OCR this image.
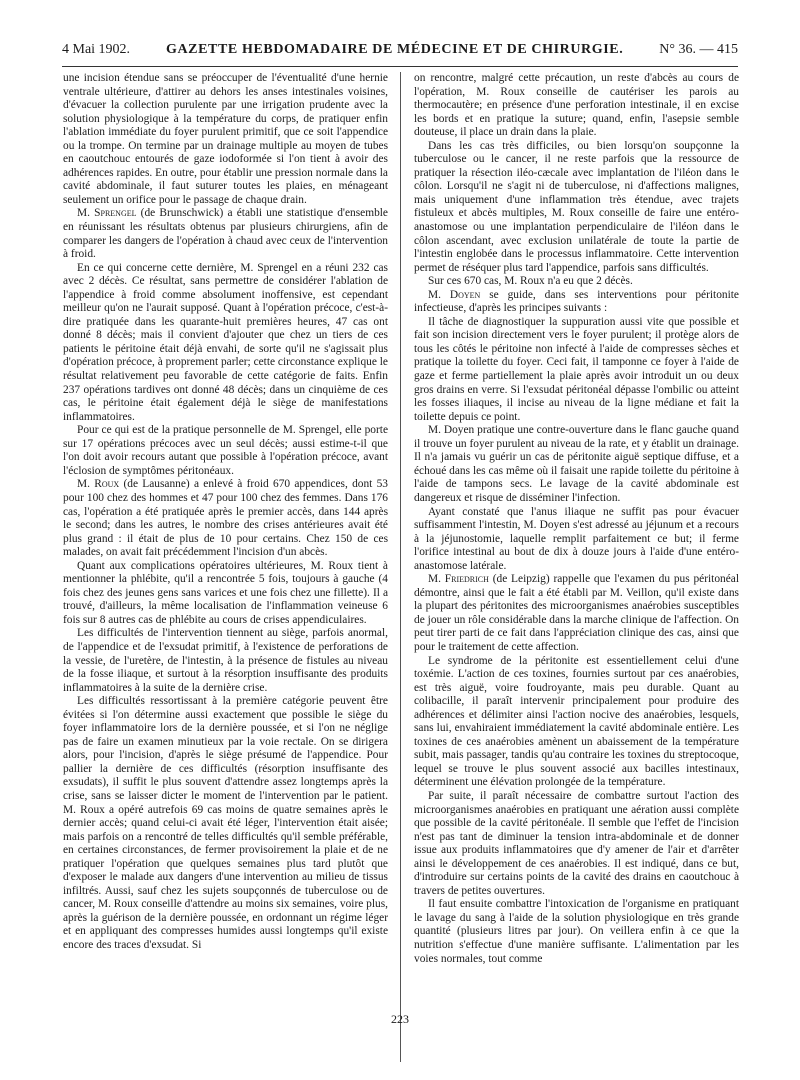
4 Mai 1902.	GAZETTE HEBDOMADAIRE DE MÉDECINE ET DE CHIRURGIE.	N° 36. — 415

une incision étendue sans se préoccuper de l'éventualité d'une hernie ventrale ultérieure, d'attirer au dehors les anses intestinales voisines, d'évacuer la collection purulente par une irrigation prudente avec la solution physiologique à la température du corps, de pratiquer enfin l'ablation immédiate du foyer purulent primitif, que ce soit l'appendice ou la trompe. On termine par un drainage multiple au moyen de tubes en caoutchouc entourés de gaze iodoformée si l'on tient à avoir des adhérences rapides. En outre, pour établir une pression normale dans la cavité abdominale, il faut suturer toutes les plaies, en ménageant seulement un orifice pour le passage de chaque drain.

M. Sprengel (de Brunschwick) a établi une statistique d'ensemble en réunissant les résultats obtenus par plusieurs chirurgiens, afin de comparer les dangers de l'opération à chaud avec ceux de l'intervention à froid.

En ce qui concerne cette dernière, M. Sprengel en a réuni 232 cas avec 2 décès. Ce résultat, sans permettre de considérer l'ablation de l'appendice à froid comme absolument inoffensive, est cependant meilleur qu'on ne l'aurait supposé. Quant à l'opération précoce, c'est-à-dire pratiquée dans les quarante-huit premières heures, 47 cas ont donné 8 décès; mais il convient d'ajouter que chez un tiers de ces patients le péritoine était déjà envahi, de sorte qu'il ne s'agissait plus d'opération précoce, à proprement parler; cette circonstance explique le résultat relativement peu favorable de cette catégorie de faits. Enfin 237 opérations tardives ont donné 48 décès; dans un cinquième de ces cas, le péritoine était également déjà le siège de manifestations inflammatoires.

Pour ce qui est de la pratique personnelle de M. Sprengel, elle porte sur 17 opérations précoces avec un seul décès; aussi estime-t-il que l'on doit avoir recours autant que possible à l'opération précoce, avant l'éclosion de symptômes péritonéaux.

M. Roux (de Lausanne) a enlevé à froid 670 appendices, dont 53 pour 100 chez des hommes et 47 pour 100 chez des femmes. Dans 176 cas, l'opération a été pratiquée après le premier accès, dans 144 après le second; dans les autres, le nombre des crises antérieures avait été plus grand : il était de plus de 10 pour certains. Chez 150 de ces malades, on avait fait précédemment l'incision d'un abcès.

Quant aux complications opératoires ultérieures, M. Roux tient à mentionner la phlébite, qu'il a rencontrée 5 fois, toujours à gauche (4 fois chez des jeunes gens sans varices et une fois chez une fillette). Il a trouvé, d'ailleurs, la même localisation de l'inflammation veineuse 6 fois sur 8 autres cas de phlébite au cours de crises appendiculaires.

Les difficultés de l'intervention tiennent au siège, parfois anormal, de l'appendice et de l'exsudat primitif, à l'existence de perforations de la vessie, de l'uretère, de l'intestin, à la présence de fistules au niveau de la fosse iliaque, et surtout à la résorption insuffisante des produits inflammatoires à la suite de la dernière crise.

Les difficultés ressortissant à la première catégorie peuvent être évitées si l'on détermine aussi exactement que possible le siège du foyer inflammatoire lors de la dernière poussée, et si l'on ne néglige pas de faire un examen minutieux par la voie rectale. On se dirigera alors, pour l'incision, d'après le siège présumé de l'appendice. Pour pallier la dernière de ces difficultés (résorption insuffisante des exsudats), il suffit le plus souvent d'attendre assez longtemps après la crise, sans se laisser dicter le moment de l'intervention par le patient. M. Roux a opéré autrefois 69 cas moins de quatre semaines après le dernier accès; quand celui-ci avait été léger, l'intervention était aisée; mais parfois on a rencontré de telles difficultés qu'il semble préférable, en certaines circonstances, de fermer provisoirement la plaie et de ne pratiquer l'opération que quelques semaines plus tard plutôt que d'exposer le malade aux dangers d'une intervention au milieu de tissus infiltrés. Aussi, sauf chez les sujets soupçonnés de tuberculose ou de cancer, M. Roux conseille d'attendre au moins six semaines, voire plus, après la guérison de la dernière poussée, en ordonnant un régime léger et en appliquant des compresses humides aussi longtemps qu'il existe encore des traces d'exsudat. Si

on rencontre, malgré cette précaution, un reste d'abcès au cours de l'opération, M. Roux conseille de cautériser les parois au thermocautère; en présence d'une perforation intestinale, il en excise les bords et en pratique la suture; quand, enfin, l'asepsie semble douteuse, il place un drain dans la plaie.

Dans les cas très difficiles, ou bien lorsqu'on soupçonne la tuberculose ou le cancer, il ne reste parfois que la ressource de pratiquer la résection iléo-cæcale avec implantation de l'iléon dans le côlon. Lorsqu'il ne s'agit ni de tuberculose, ni d'affections malignes, mais uniquement d'une inflammation très étendue, avec trajets fistuleux et abcès multiples, M. Roux conseille de faire une entéro-anastomose ou une implantation perpendiculaire de l'iléon dans le côlon ascendant, avec exclusion unilatérale de toute la partie de l'intestin englobée dans le processus inflammatoire. Cette intervention permet de réséquer plus tard l'appendice, parfois sans difficultés.

Sur ces 670 cas, M. Roux n'a eu que 2 décès.

M. Doyen se guide, dans ses interventions pour péritonite infectieuse, d'après les principes suivants :

Il tâche de diagnostiquer la suppuration aussi vite que possible et fait son incision directement vers le foyer purulent; il protège alors de tous les côtés le péritoine non infecté à l'aide de compresses sèches et pratique la toilette du foyer. Ceci fait, il tamponne ce foyer à l'aide de gaze et ferme partiellement la plaie après avoir introduit un ou deux gros drains en verre. Si l'exsudat péritonéal dépasse l'ombilic ou atteint les fosses iliaques, il incise au niveau de la ligne médiane et fait la toilette depuis ce point.

M. Doyen pratique une contre-ouverture dans le flanc gauche quand il trouve un foyer purulent au niveau de la rate, et y établit un drainage. Il n'a jamais vu guérir un cas de péritonite aiguë septique diffuse, et a échoué dans les cas même où il faisait une rapide toilette du péritoine à l'aide de tampons secs. Le lavage de la cavité abdominale est dangereux et risque de disséminer l'infection.

Ayant constaté que l'anus iliaque ne suffit pas pour évacuer suffisamment l'intestin, M. Doyen s'est adressé au jéjunum et a recours à la jéjunostomie, laquelle remplit parfaitement ce but; il ferme l'orifice intestinal au bout de dix à douze jours à l'aide d'une entéro-anastomose latérale.

M. Friedrich (de Leipzig) rappelle que l'examen du pus péritonéal démontre, ainsi que le fait a été établi par M. Veillon, qu'il existe dans la plupart des péritonites des microorganismes anaérobies susceptibles de jouer un rôle considérable dans la marche clinique de l'affection. On peut tirer parti de ce fait dans l'appréciation clinique des cas, ainsi que pour le traitement de cette affection.

Le syndrome de la péritonite est essentiellement celui d'une toxémie. L'action de ces toxines, fournies surtout par ces anaérobies, est très aiguë, voire foudroyante, mais peu durable. Quant au colibacille, il paraît intervenir principalement pour produire des adhérences et délimiter ainsi l'action nocive des anaérobies, lesquels, sans lui, envahiraient immédiatement la cavité abdominale entière. Les toxines de ces anaérobies amènent un abaissement de la température subit, mais passager, tandis qu'au contraire les toxines du streptocoque, lequel se trouve le plus souvent associé aux bacilles intestinaux, déterminent une élévation prolongée de la température.

Par suite, il paraît nécessaire de combattre surtout l'action des microorganismes anaérobies en pratiquant une aération aussi complète que possible de la cavité péritonéale. Il semble que l'effet de l'incision n'est pas tant de diminuer la tension intra-abdominale et de donner issue aux produits inflammatoires que d'y amener de l'air et d'arrêter ainsi le développement de ces anaérobies. Il est indiqué, dans ce but, d'introduire sur certains points de la cavité des drains en caoutchouc à travers de petites ouvertures.

Il faut ensuite combattre l'intoxication de l'organisme en pratiquant le lavage du sang à l'aide de la solution physiologique en très grande quantité (plusieurs litres par jour). On veillera enfin à ce que la nutrition s'effectue d'une manière suffisante. L'alimentation par les voies normales, tout comme

223
